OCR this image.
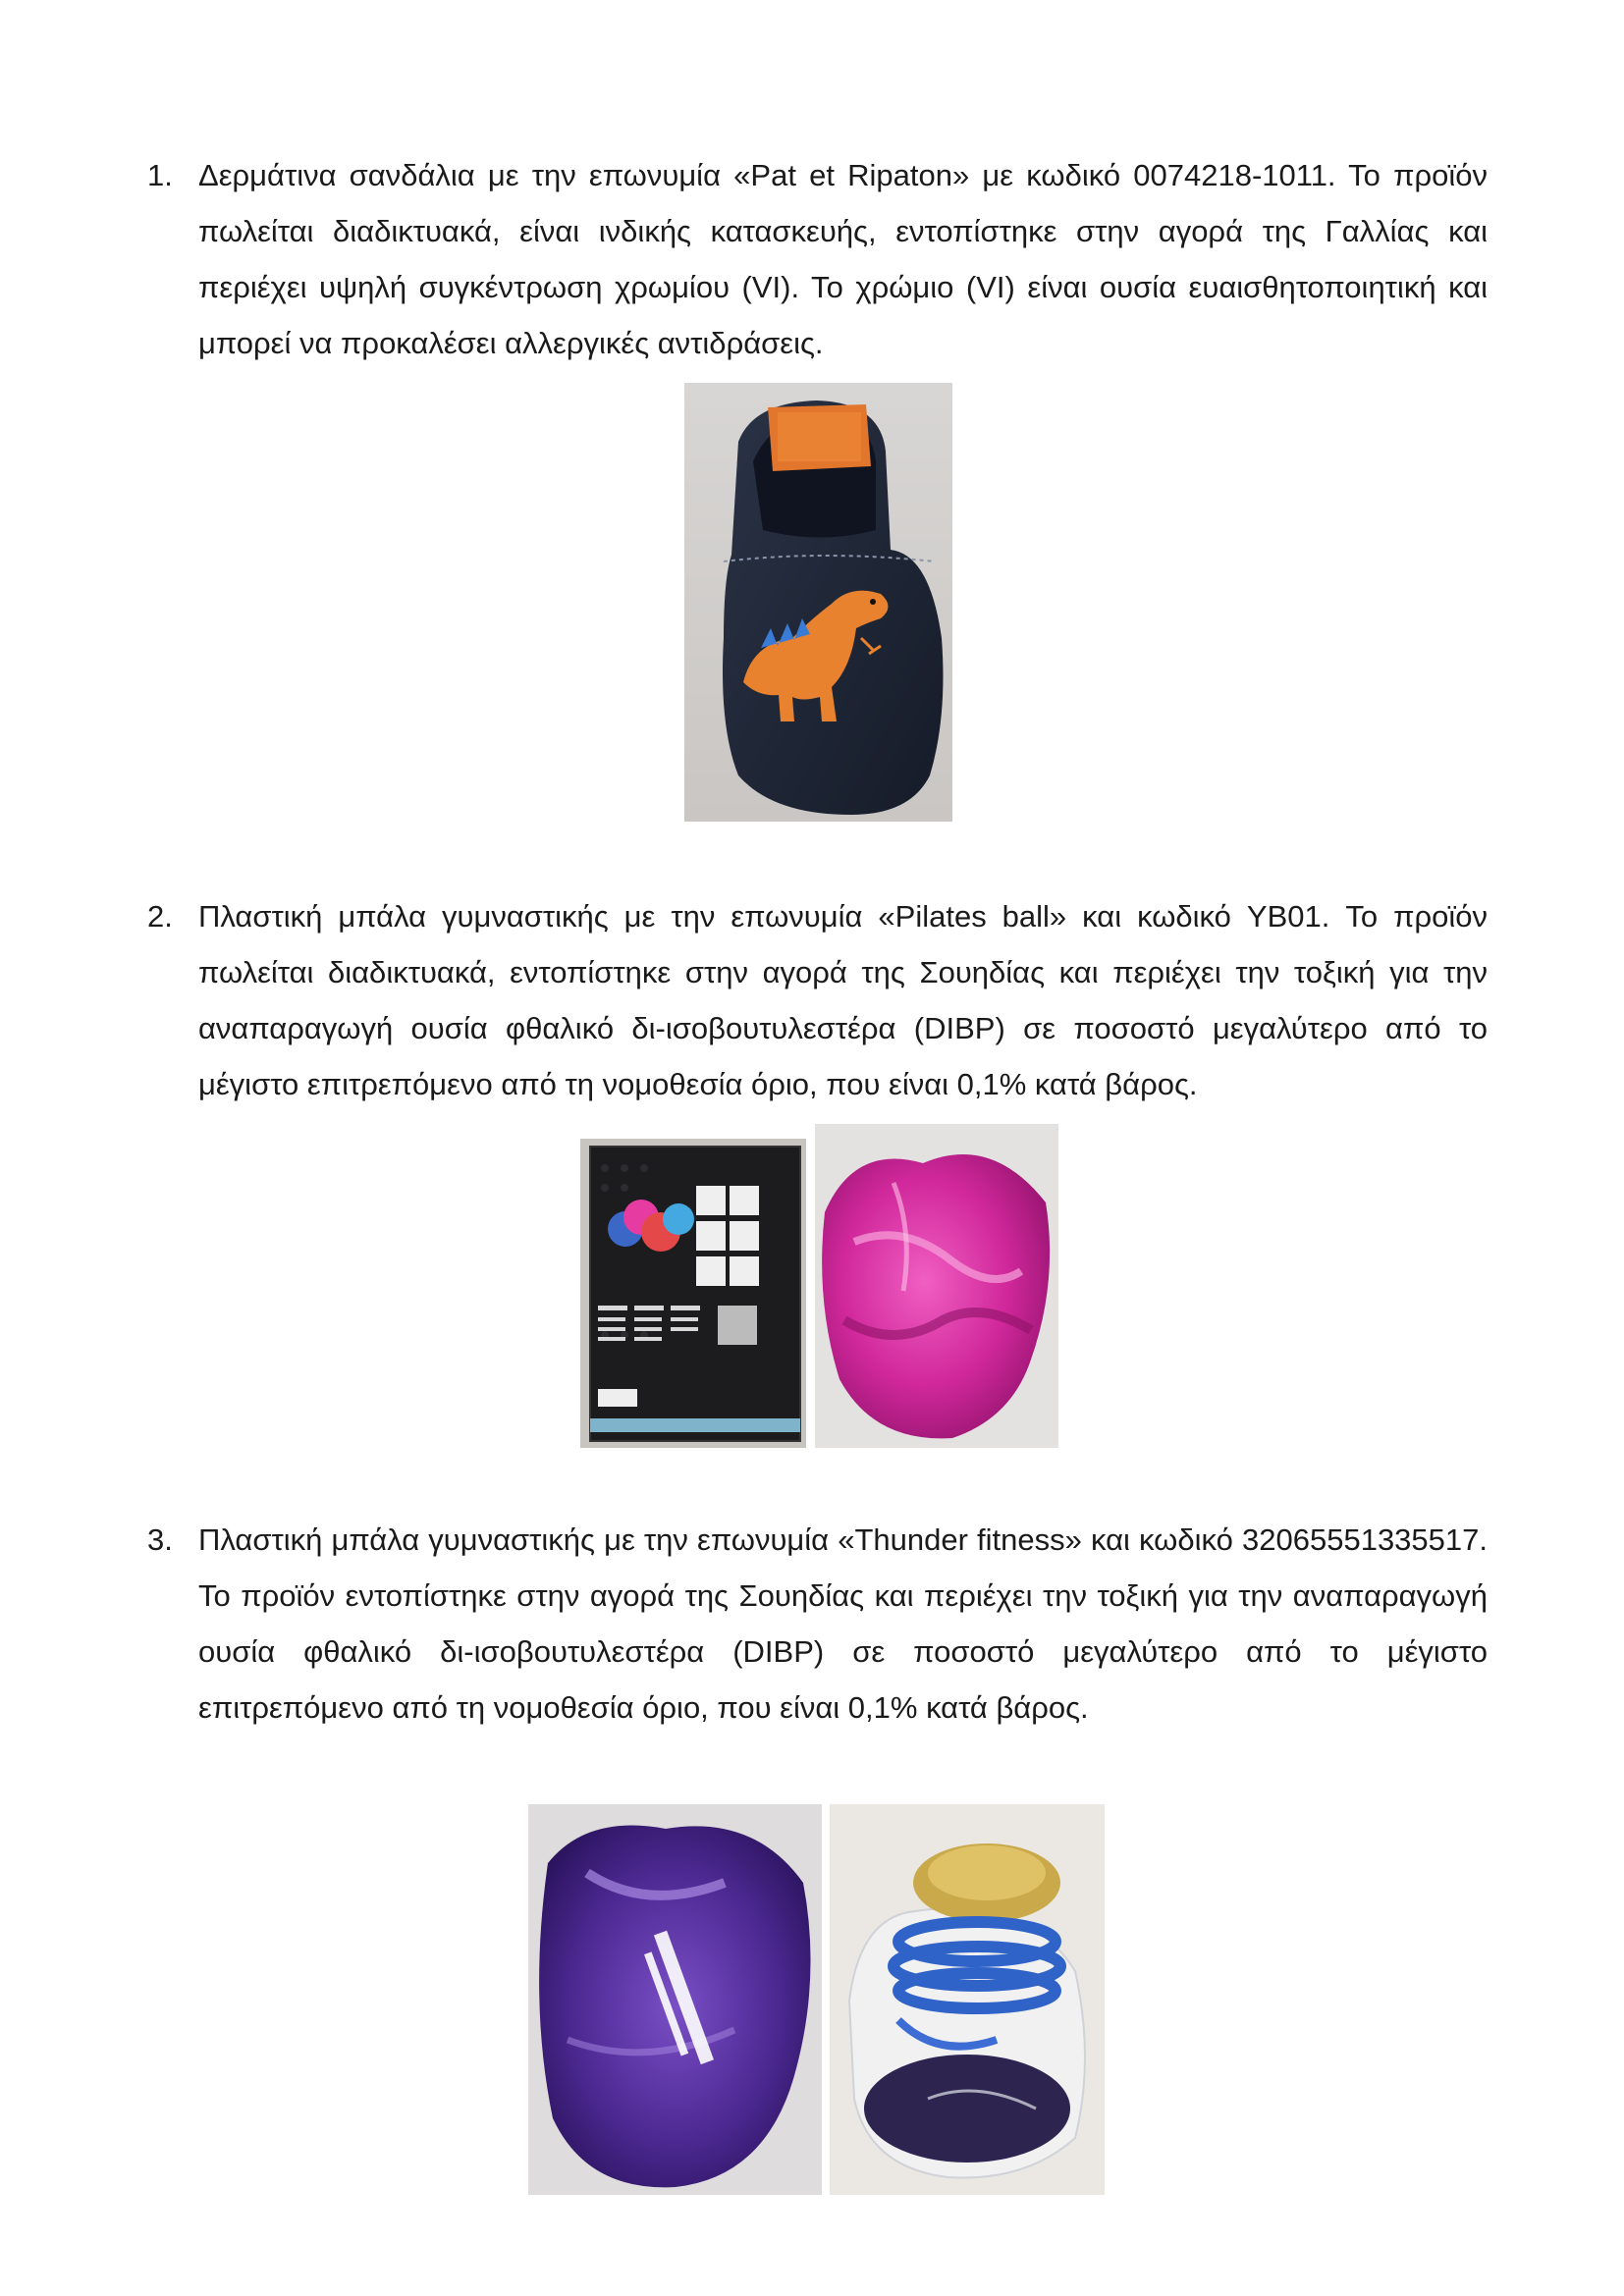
1. Δερμάτινα σανδάλια με την επωνυμία «Pat et Ripaton» με κωδικό 0074218-1011. Το προϊόν πωλείται διαδικτυακά, είναι ινδικής κατασκευής, εντοπίστηκε στην αγορά της Γαλλίας και περιέχει υψηλή συγκέντρωση χρωμίου (VI). Το χρώμιο (VI) είναι ουσία ευαισθητοποιητική και μπορεί να προκαλέσει αλλεργικές αντιδράσεις.

2. Πλαστική μπάλα γυμναστικής με την επωνυμία «Pilates ball» και κωδικό YB01. Το προϊόν πωλείται διαδικτυακά, εντοπίστηκε στην αγορά της Σουηδίας και περιέχει την τοξική για την αναπαραγωγή ουσία φθαλικό δι-ισοβουτυλεστέρα (DIBP) σε ποσοστό μεγαλύτερο από το μέγιστο επιτρεπόμενο από τη νομοθεσία όριο, που είναι 0,1% κατά βάρος.

3. Πλαστική μπάλα γυμναστικής με την επωνυμία «Thunder fitness» και κωδικό 32065551335517. Το προϊόν εντοπίστηκε στην αγορά της Σουηδίας και περιέχει την τοξική για την αναπαραγωγή ουσία φθαλικό δι-ισοβουτυλεστέρα (DIBP) σε ποσοστό μεγαλύτερο από το μέγιστο επιτρεπόμενο από τη νομοθεσία όριο, που είναι 0,1% κατά βάρος.
